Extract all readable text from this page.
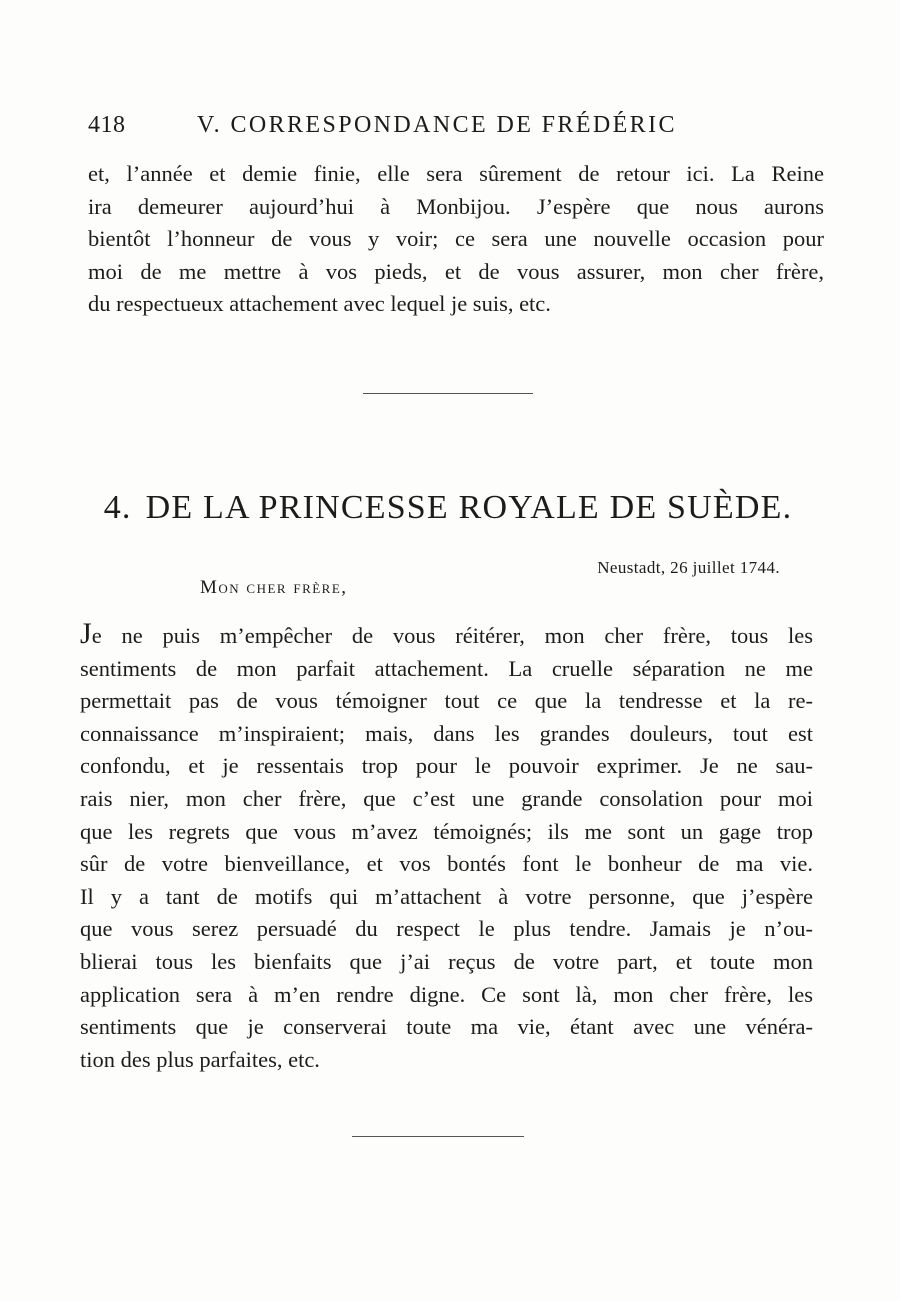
418	V. CORRESPONDANCE DE FRÉDÉRIC
et, l’année et demie finie, elle sera sûrement de retour ici. La Reine
ira demeurer aujourd’hui à Monbijou. J’espère que nous aurons
bientôt l’honneur de vous y voir; ce sera une nouvelle occasion pour
moi de me mettre à vos pieds, et de vous assurer, mon cher frère,
du respectueux attachement avec lequel je suis, etc.
4. DE LA PRINCESSE ROYALE DE SUÈDE.
Neustadt, 26 juillet 1744.
Mon cher frère,
Je ne puis m’empêcher de vous réitérer, mon cher frère, tous les
sentiments de mon parfait attachement. La cruelle séparation ne me
permettait pas de vous témoigner tout ce que la tendresse et la re-
connaissance m’inspiraient; mais, dans les grandes douleurs, tout est
confondu, et je ressentais trop pour le pouvoir exprimer. Je ne sau-
rais nier, mon cher frère, que c’est une grande consolation pour moi
que les regrets que vous m’avez témoignés; ils me sont un gage trop
sûr de votre bienveillance, et vos bontés font le bonheur de ma vie.
Il y a tant de motifs qui m’attachent à votre personne, que j’espère
que vous serez persuadé du respect le plus tendre. Jamais je n’ou-
blierai tous les bienfaits que j’ai reçus de votre part, et toute mon
application sera à m’en rendre digne. Ce sont là, mon cher frère, les
sentiments que je conserverai toute ma vie, étant avec une vénéra-
tion des plus parfaites, etc.
